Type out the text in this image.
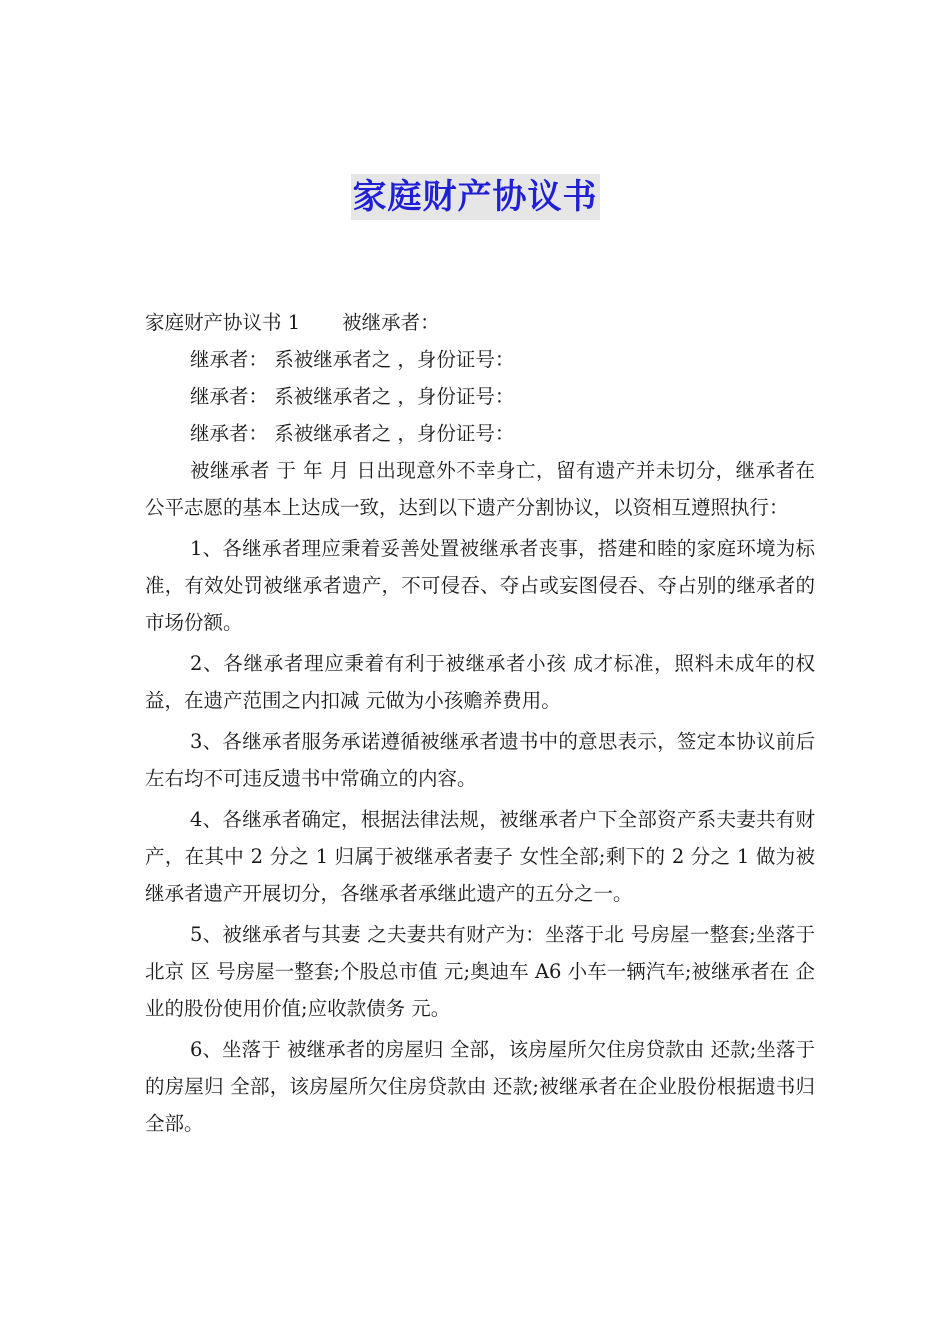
家庭财产协议书

家庭财产协议书 1 被继承者：

继承者： 系被继承者之 ，身份证号：

继承者： 系被继承者之 ，身份证号：

继承者： 系被继承者之 ，身份证号：

被继承者 于 年 月 日出现意外不幸身亡，留有遗产并未切分，继承者在公平志愿的基本上达成一致，达到以下遗产分割协议，以资相互遵照执行：

1、各继承者理应秉着妥善处置被继承者丧事，搭建和睦的家庭环境为标准，有效处罚被继承者遗产，不可侵吞、夺占或妄图侵吞、夺占别的继承者的市场份额。

2、各继承者理应秉着有利于被继承者小孩 成才标准，照料未成年的权益，在遗产范围之内扣减 元做为小孩赡养费用。

3、各继承者服务承诺遵循被继承者遗书中的意思表示，签定本协议前后左右均不可违反遗书中常确立的内容。

4、各继承者确定，根据法律法规，被继承者户下全部资产系夫妻共有财产，在其中 2 分之 1 归属于被继承者妻子 女性全部;剩下的 2 分之 1 做为被继承者遗产开展切分，各继承者承继此遗产的五分之一。

5、被继承者与其妻 之夫妻共有财产为：坐落于北 号房屋一整套;坐落于北京 区 号房屋一整套;个股总市值 元;奥迪车 A6 小车一辆汽车;被继承者在 企业的股份使用价值;应收款债务 元。

6、坐落于 被继承者的房屋归 全部，该房屋所欠住房贷款由 还款;坐落于 的房屋归 全部，该房屋所欠住房贷款由 还款;被继承者在企业股份根据遗书归 全部。
